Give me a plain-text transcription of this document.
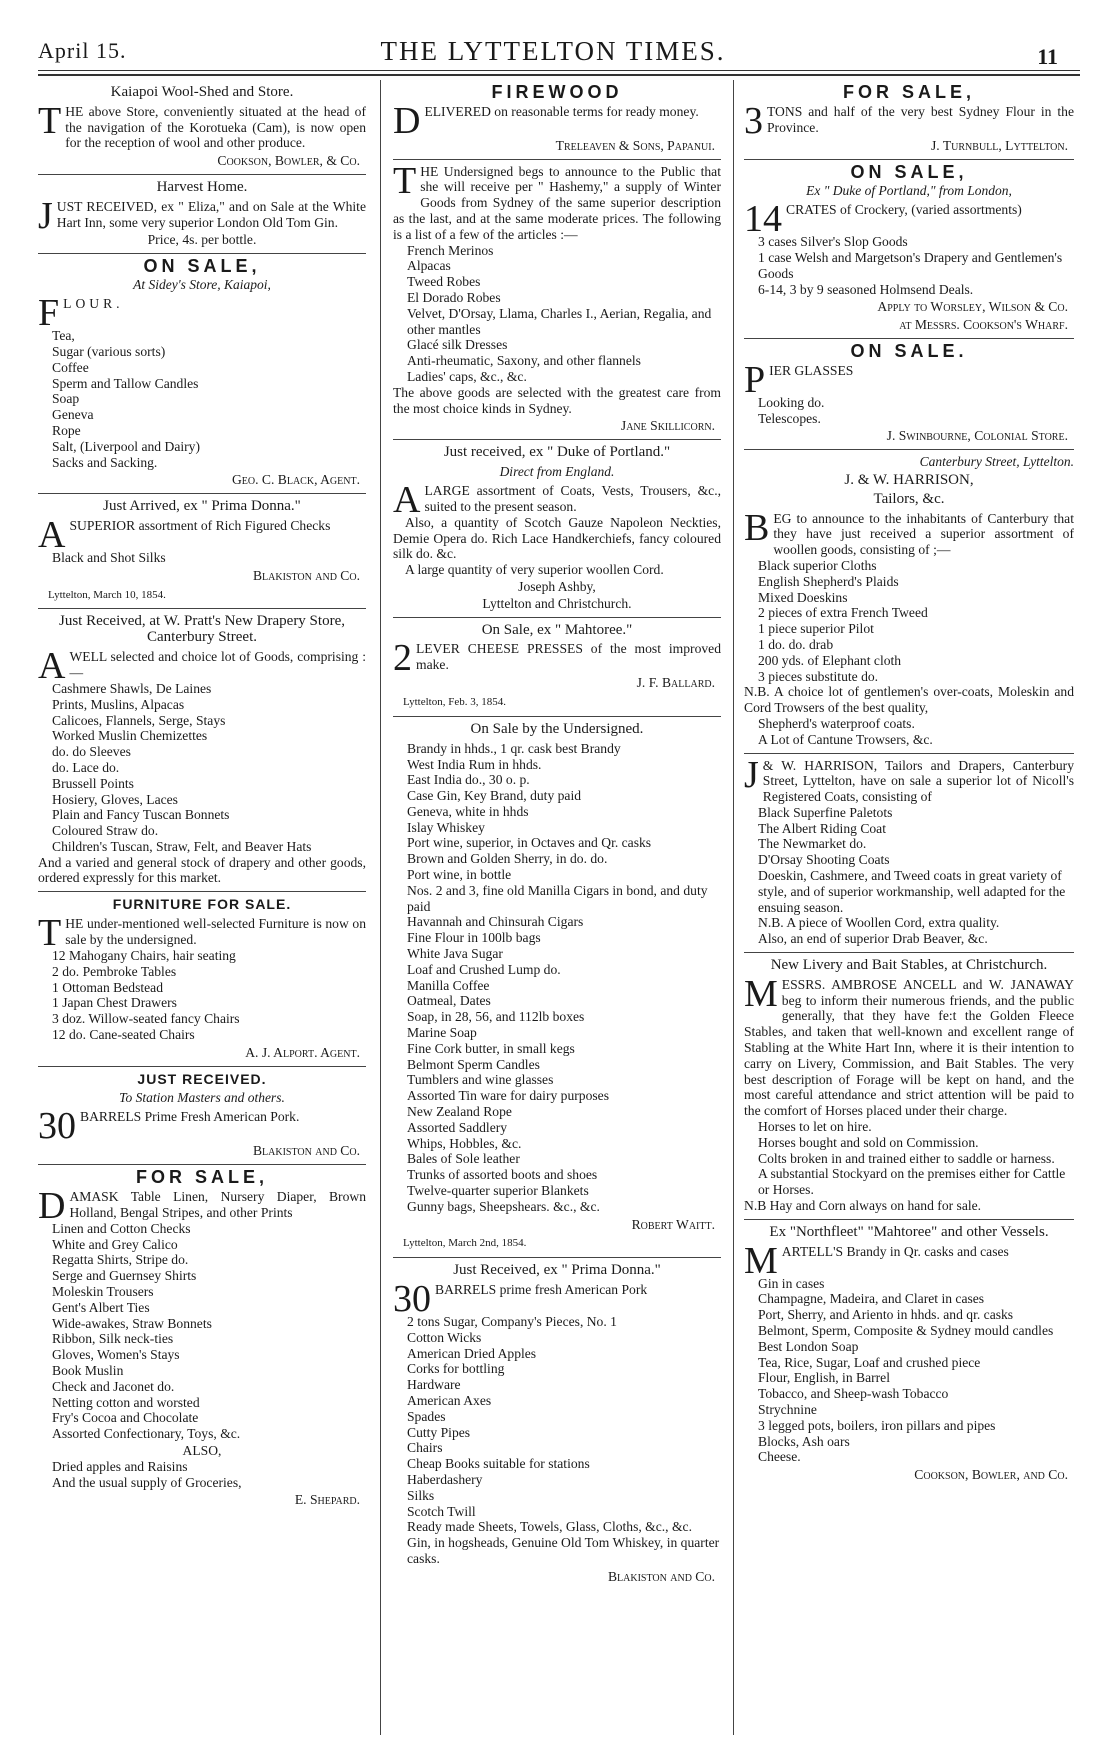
April 15.	THE LYTTELTON TIMES.	11
Kaiapoi Wool-Shed and Store.
THE above Store, conveniently situated at the head of the navigation of the Korotueka (Cam), is now open for the reception of wool and other produce.
Cookson, Bowler, & Co.
Harvest Home.
JUST RECEIVED, ex " Eliza," and on Sale at the White Hart Inn, some very superior London Old Tom Gin.
Price, 4s. per bottle.
ON SALE,
At Sidey's Store, Kaiapoi,
FLOUR.
Tea,
Sugar (various sorts)
Coffee
Sperm and Tallow Candles
Soap
Geneva
Rope
Salt, (Liverpool and Dairy)
Sacks and Sacking.
Geo. C. Black, Agent.
Just Arrived, ex " Prima Donna."
ASUPERIOR assortment of Rich Figured Checks
Black and Shot Silks
Blakiston and Co.
Lyttelton, March 10, 1854.
Just Received, at W. Pratt's New Drapery Store, Canterbury Street.
AWELL selected and choice lot of Goods, comprising :—
Cashmere Shawls, De Laines
Prints, Muslins, Alpacas
Calicoes, Flannels, Serge, Stays
Worked Muslin Chemizettes
do. do Sleeves
do. Lace do.
Brussell Points
Hosiery, Gloves, Laces
Plain and Fancy Tuscan Bonnets
Coloured Straw do.
Children's Tuscan, Straw, Felt, and Beaver Hats
And a varied and general stock of drapery and other goods, ordered expressly for this market.
FURNITURE FOR SALE.
THE under-mentioned well-selected Furniture is now on sale by the undersigned.
12 Mahogany Chairs, hair seating
2 do. Pembroke Tables
1 Ottoman Bedstead
1 Japan Chest Drawers
3 doz. Willow-seated fancy Chairs
12 do. Cane-seated Chairs
A. J. Alport. Agent.
JUST RECEIVED.
To Station Masters and others.
30 BARRELS Prime Fresh American Pork.
Blakiston and Co.
FOR SALE,
DAMASK Table Linen, Nursery Diaper, Brown Holland, Bengal Stripes, and other Prints
Linen and Cotton Checks
White and Grey Calico
Regatta Shirts, Stripe do.
Serge and Guernsey Shirts
Moleskin Trousers
Gent's Albert Ties
Wide-awakes, Straw Bonnets
Ribbon, Silk neck-ties
Gloves, Women's Stays
Book Muslin
Check and Jaconet do.
Netting cotton and worsted
Fry's Cocoa and Chocolate
Assorted Confectionary, Toys, &c.
ALSO,
Dried apples and Raisins
And the usual supply of Groceries,
E. Shepard.
FIREWOOD
DELIVERED on reasonable terms for ready money.
Treleaven & Sons, Papanui.
THE Undersigned begs to announce to the Public that she will receive per " Hashemy," a supply of Winter Goods from Sydney of the same superior description as the last, and at the same moderate prices. The following is a list of a few of the articles :—
French Merinos
Alpacas
Tweed Robes
El Dorado Robes
Velvet, D'Orsay, Llama, Charles I., Aerian, Regalia, and other mantles
Glacé silk Dresses
Anti-rheumatic, Saxony, and other flannels
Ladies' caps, &c., &c.
The above goods are selected with the greatest care from the most choice kinds in Sydney.
Jane Skillicorn.
Just received, ex " Duke of Portland."
Direct from England.
ALARGE assortment of Coats, Vests, Trousers, &c., suited to the present season.
Also, a quantity of Scotch Gauze Napoleon Neckties, Demie Opera do. Rich Lace Handkerchiefs, fancy coloured silk do. &c.
A large quantity of very superior woollen Cord.
Joseph Ashby,
Lyttelton and Christchurch.
On Sale, ex " Mahtoree."
2 LEVER CHEESE PRESSES of the most improved make.
J. F. Ballard.
Lyttelton, Feb. 3, 1854.
On Sale by the Undersigned.
Brandy in hhds., 1 qr. cask best Brandy
West India Rum in hhds.
East India do., 30 o. p.
Case Gin, Key Brand, duty paid
Geneva, white in hhds
Islay Whiskey
Port wine, superior, in Octaves and Qr. casks
Brown and Golden Sherry, in do. do.
Port wine, in bottle
Nos. 2 and 3, fine old Manilla Cigars in bond, and duty paid
Havannah and Chinsurah Cigars
Fine Flour in 100lb bags
White Java Sugar
Loaf and Crushed Lump do.
Manilla Coffee
Oatmeal, Dates
Soap, in 28, 56, and 112lb boxes
Marine Soap
Fine Cork butter, in small kegs
Belmont Sperm Candles
Tumblers and wine glasses
Assorted Tin ware for dairy purposes
New Zealand Rope
Assorted Saddlery
Whips, Hobbles, &c.
Bales of Sole leather
Trunks of assorted boots and shoes
Twelve-quarter superior Blankets
Gunny bags, Sheepshears. &c., &c.
Robert Waitt.
Lyttelton, March 2nd, 1854.
Just Received, ex " Prima Donna."
30 BARRELS prime fresh American Pork
2 tons Sugar, Company's Pieces, No. 1
Cotton Wicks
American Dried Apples
Corks for bottling
Hardware
American Axes
Spades
Cutty Pipes
Chairs
Cheap Books suitable for stations
Haberdashery
Silks
Scotch Twill
Ready made Sheets, Towels, Glass, Cloths, &c., &c.
Gin, in hogsheads, Genuine Old Tom Whiskey, in quarter casks.
Blakiston and Co.
FOR SALE,
3 TONS and half of the very best Sydney Flour in the Province.
J. Turnbull, Lyttelton.
ON SALE,
Ex " Duke of Portland," from London,
14 CRATES of Crockery, (varied assortments)
3 cases Silver's Slop Goods
1 case Welsh and Margetson's Drapery and Gentlemen's Goods
6-14, 3 by 9 seasoned Holmsend Deals.
Apply to Worsley, Wilson & Co.
at Messrs. Cookson's Wharf.
ON SALE.
PIER GLASSES
Looking do.
Telescopes.
J. Swinbourne, Colonial Store.
Canterbury Street, Lyttelton.
J. & W. HARRISON,
Tailors, &c.
BEG to announce to the inhabitants of Canterbury that they have just received a superior assortment of woollen goods, consisting of ;—
Black superior Cloths
English Shepherd's Plaids
Mixed Doeskins
2 pieces of extra French Tweed
1 piece superior Pilot
1 do. do. drab
200 yds. of Elephant cloth
3 pieces substitute do.
N.B. A choice lot of gentlemen's over-coats, Moleskin and Cord Trowsers of the best quality,
Shepherd's waterproof coats.
A Lot of Cantune Trowsers, &c.
J & W. HARRISON, Tailors and Drapers, Canterbury Street, Lyttelton, have on sale a superior lot of Nicoll's Registered Coats, consisting of
Black Superfine Paletots
The Albert Riding Coat
The Newmarket do.
D'Orsay Shooting Coats
Doeskin, Cashmere, and Tweed coats in great variety of style, and of superior workmanship, well adapted for the ensuing season.
N.B. A piece of Woollen Cord, extra quality.
Also, an end of superior Drab Beaver, &c.
New Livery and Bait Stables, at Christchurch.
MESSRS. AMBROSE ANCELL and W. JANAWAY beg to inform their numerous friends, and the public generally, that they have fe:t the Golden Fleece Stables, and taken that well-known and excellent range of Stabling at the White Hart Inn, where it is their intention to carry on Livery, Commission, and Bait Stables. The very best description of Forage will be kept on hand, and the most careful attendance and strict attention will be paid to the comfort of Horses placed under their charge.
Horses to let on hire.
Horses bought and sold on Commission.
Colts broken in and trained either to saddle or harness.
A substantial Stockyard on the premises either for Cattle or Horses.
N.B Hay and Corn always on hand for sale.
Ex "Northfleet" "Mahtoree" and other Vessels.
MARTELL'S Brandy in Qr. casks and cases
Gin in cases
Champagne, Madeira, and Claret in cases
Port, Sherry, and Ariento in hhds. and qr. casks
Belmont, Sperm, Composite & Sydney mould candles
Best London Soap
Tea, Rice, Sugar, Loaf and crushed piece
Flour, English, in Barrel
Tobacco, and Sheep-wash Tobacco
Strychnine
3 legged pots, boilers, iron pillars and pipes
Blocks, Ash oars
Cheese.
Cookson, Bowler, and Co.
